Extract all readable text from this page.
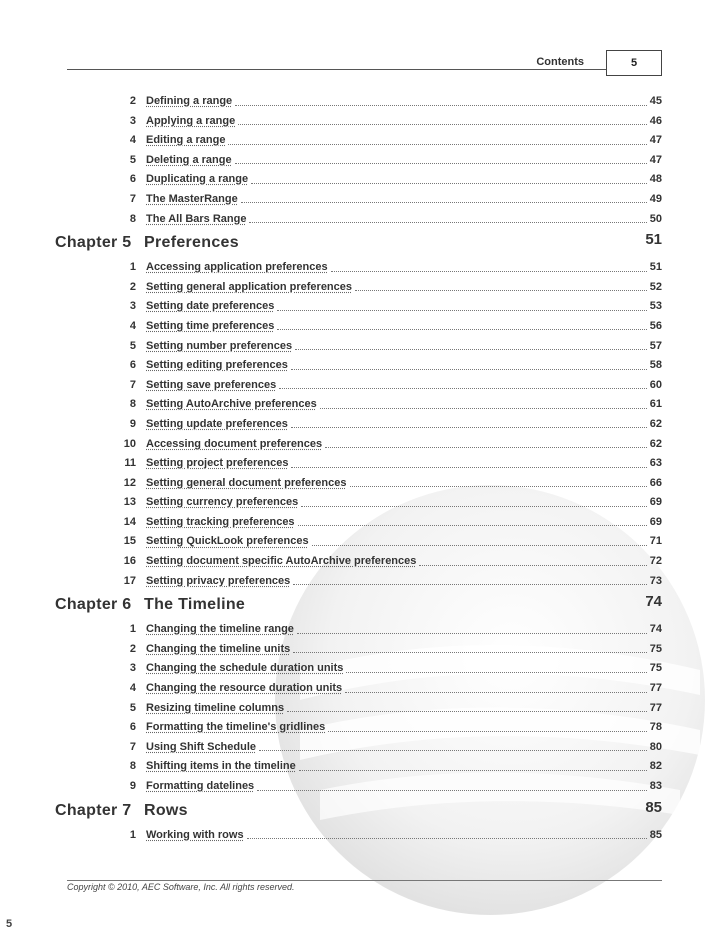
Contents	5
2 Defining a range	45
3 Applying a range	46
4 Editing a range	47
5 Deleting a range	47
6 Duplicating a range	48
7 The MasterRange	49
8 The All Bars Range	50
Chapter 5 Preferences	51
1 Accessing application preferences	51
2 Setting general application preferences	52
3 Setting date preferences	53
4 Setting time preferences	56
5 Setting number preferences	57
6 Setting editing preferences	58
7 Setting save preferences	60
8 Setting AutoArchive preferences	61
9 Setting update preferences	62
10 Accessing document preferences	62
11 Setting project preferences	63
12 Setting general document preferences	66
13 Setting currency preferences	69
14 Setting tracking preferences	69
15 Setting QuickLook preferences	71
16 Setting document specific AutoArchive preferences	72
17 Setting privacy preferences	73
Chapter 6 The Timeline	74
1 Changing the timeline range	74
2 Changing the timeline units	75
3 Changing the schedule duration units	75
4 Changing the resource duration units	77
5 Resizing timeline columns	77
6 Formatting the timeline's gridlines	78
7 Using Shift Schedule	80
8 Shifting items in the timeline	82
9 Formatting datelines	83
Chapter 7 Rows	85
1 Working with rows	85
Copyright © 2010, AEC Software, Inc. All rights reserved.
5
